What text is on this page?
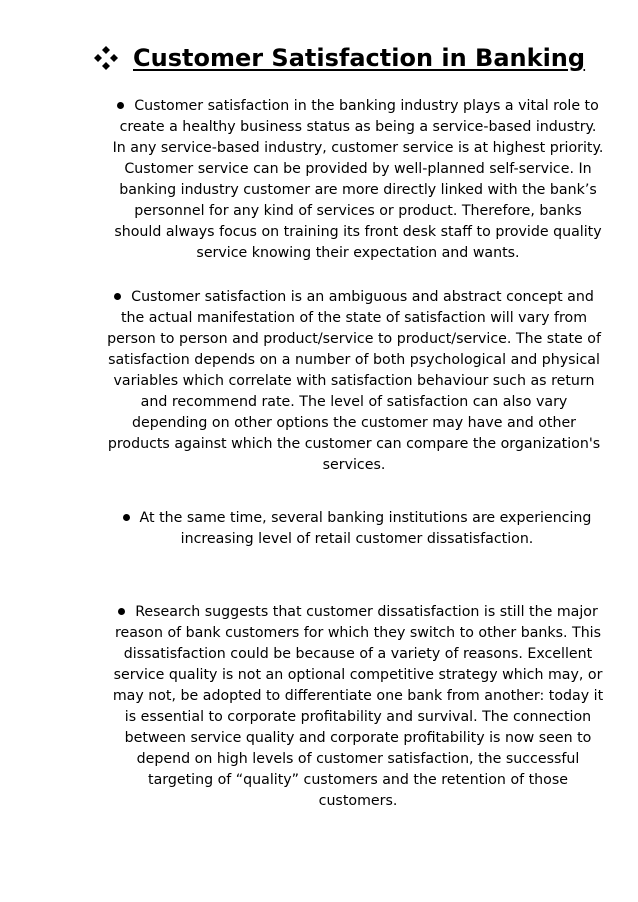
Customer Satisfaction in Banking
Customer satisfaction in the banking industry plays a vital role to create a healthy business status as being a service-based industry. In any service-based industry, customer service is at highest priority. Customer service can be provided by well-planned self-service. In banking industry customer are more directly linked with the bank’s personnel for any kind of services or product. Therefore, banks should always focus on training its front desk staff to provide quality service knowing their expectation and wants.
Customer satisfaction is an ambiguous and abstract concept and the actual manifestation of the state of satisfaction will vary from person to person and product/service to product/service. The state of satisfaction depends on a number of both psychological and physical variables which correlate with satisfaction behaviour such as return and recommend rate. The level of satisfaction can also vary depending on other options the customer may have and other products against which the customer can compare the organization's services.
At the same time, several banking institutions are experiencing increasing level of retail customer dissatisfaction.
Research suggests that customer dissatisfaction is still the major reason of bank customers for which they switch to other banks. This dissatisfaction could be because of a variety of reasons. Excellent service quality is not an optional competitive strategy which may, or may not, be adopted to differentiate one bank from another: today it is essential to corporate profitability and survival. The connection between service quality and corporate profitability is now seen to depend on high levels of customer satisfaction, the successful targeting of “quality” customers and the retention of those customers.
